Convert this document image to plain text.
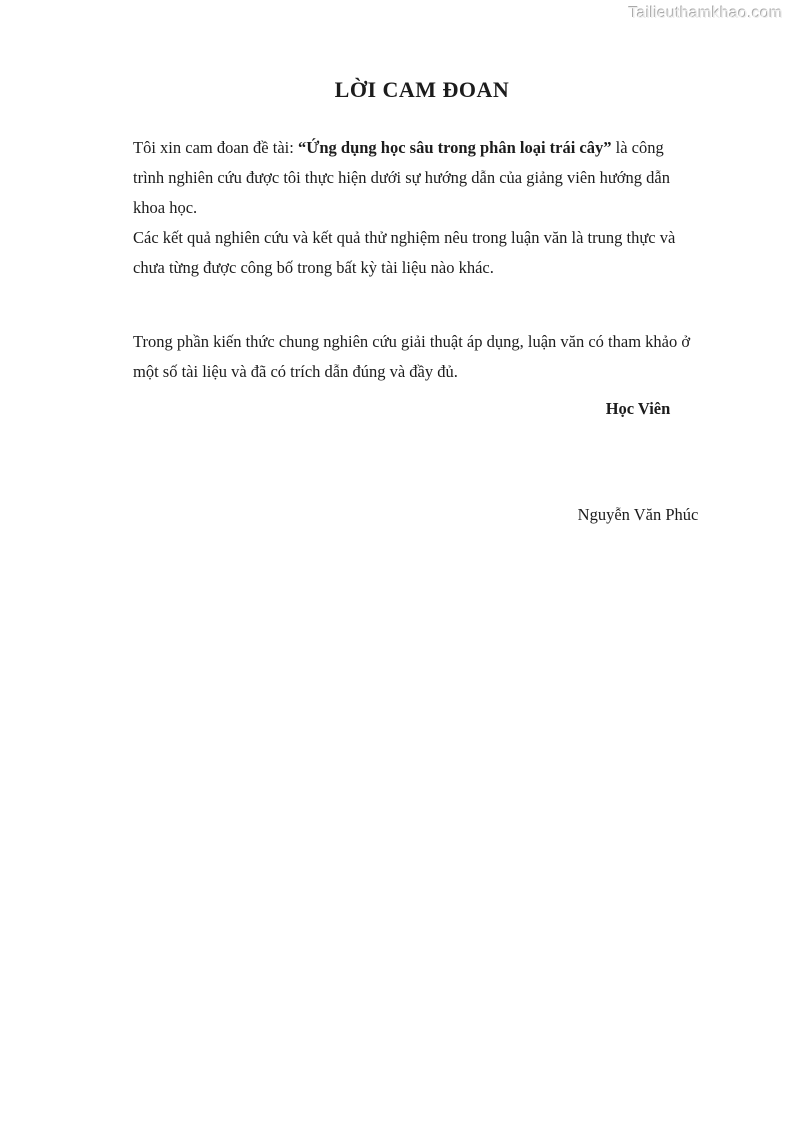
Tailieuthamkhao.com
LỜI CAM ĐOAN
Tôi xin cam đoan đề tài: “Ứng dụng học sâu trong phân loại trái cây” là công
trình nghiên cứu được tôi thực hiện dưới sự hướng dẫn của giảng viên hướng dẫn
khoa học.
Các kết quả nghiên cứu và kết quả thử nghiệm nêu trong luận văn là trung thực và
chưa từng được công bố trong bất kỳ tài liệu nào khác.
Trong phần kiến thức chung nghiên cứu giải thuật áp dụng, luận văn có tham khảo ở
một số tài liệu và đã có trích dẫn đúng và đầy đủ.
Học Viên
Nguyễn Văn Phúc
